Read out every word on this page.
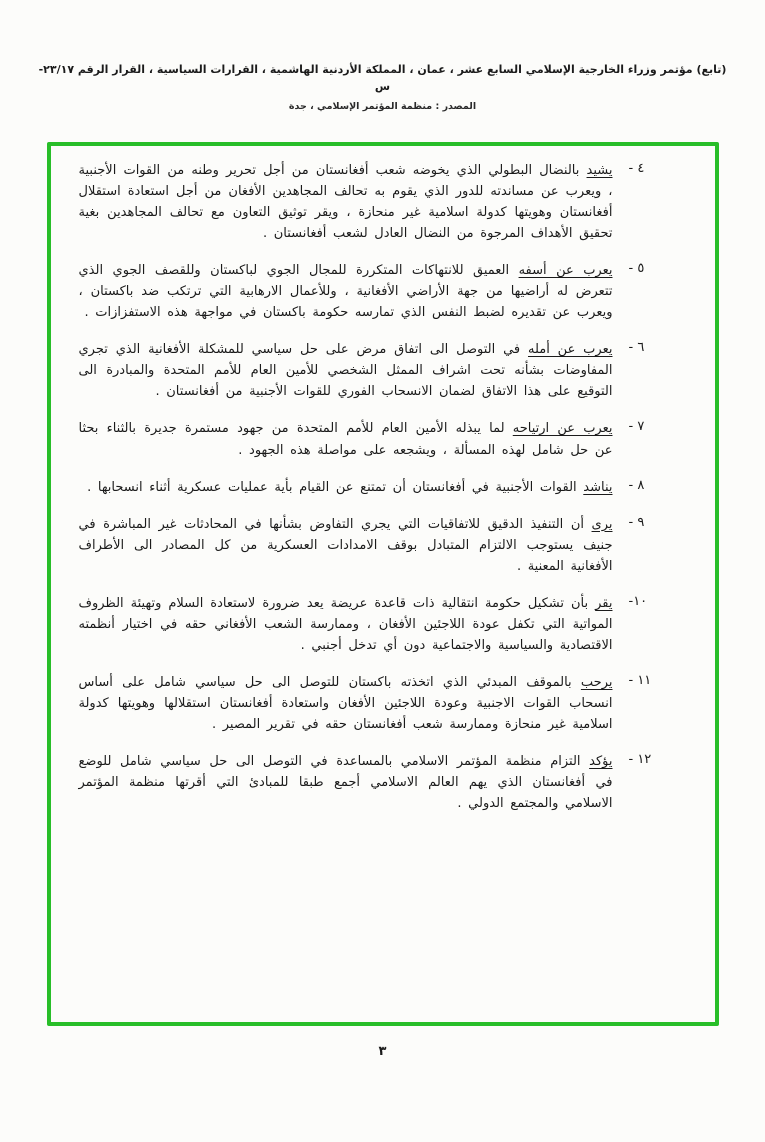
(تابع) مؤتمر وزراء الخارجية الإسلامي السابع عشر ، عمان ، المملكة الأردنية الهاشمية ، القرارات السياسية ، القرار الرقم ٢٣/١٧-س
المصدر : منظمة المؤتمر الإسلامي ، جدة
- ٤

يشيد بالنضال البطولي الذي يخوضه شعب أفغانستان من أجل تحرير وطنه من القوات الأجنبية ، ويعرب عن مساندته للدور الذي يقوم به تحالف المجاهدين الأفغان من أجل استعادة استقلال أفغانستان وهويتها كدولة اسلامية غير منحازة ، ويقر توثيق التعاون مع تحالف المجاهدين بغية تحقيق الأهداف المرجوة من النضال العادل لشعب أفغانستان .

- ٥

يعرب عن أسفه العميق للانتهاكات المتكررة للمجال الجوي لباكستان وللقصف الجوي الذي تتعرض له أراضيها من جهة الأراضي الأفغانية ، وللأعمال الارهابية التي ترتكب ضد باكستان ، ويعرب عن تقديره لضبط النفس الذي تمارسه حكومة باكستان في مواجهة هذه الاستفزازات .

- ٦

يعرب عن أمله في التوصل الى اتفاق مرض على حل سياسي للمشكلة الأفغانية الذي تجري المفاوضات بشأنه تحت اشراف الممثل الشخصي للأمين العام للأمم المتحدة والمبادرة الى التوقيع على هذا الاتفاق لضمان الانسحاب الفوري للقوات الأجنبية من أفغانستان .

- ٧

يعرب عن ارتياحه لما يبذله الأمين العام للأمم المتحدة من جهود مستمرة جديرة بالثناء بحثا عن حل شامل لهذه المسألة ، ويشجعه على مواصلة هذه الجهود .

- ٨

يناشد القوات الأجنبية في أفغانستان أن تمتنع عن القيام بأية عمليات عسكرية أثناء انسحابها .

- ٩

يرى أن التنفيذ الدقيق للاتفاقيات التي يجري التفاوض بشأنها في المحادثات غير المباشرة في جنيف يستوجب الالتزام المتبادل بوقف الامدادات العسكرية من كل المصادر الى الأطراف الأفغانية المعنية .

-١٠

يقر بأن تشكيل حكومة انتقالية ذات قاعدة عريضة يعد ضرورة لاستعادة السلام وتهيئة الظروف المواتية التي تكفل عودة اللاجئين الأفغان ، وممارسة الشعب الأفغاني حقه في اختيار أنظمته الاقتصادية والسياسية والاجتماعية دون أي تدخل أجنبي .

- ١١

يرحب بالموقف المبدئي الذي اتخذته باكستان للتوصل الى حل سياسي شامل على أساس انسحاب القوات الاجنبية وعودة اللاجئين الأفغان واستعادة أفغانستان استقلالها وهويتها كدولة اسلامية غير منحازة وممارسة شعب أفغانستان حقه في تقرير المصير .

- ١٢

يؤكد التزام منظمة المؤتمر الاسلامي بالمساعدة في التوصل الى حل سياسي شامل للوضع في أفغانستان الذي يهم العالم الاسلامي أجمع طبقا للمبادئ التي أقرتها منظمة المؤتمر الاسلامي والمجتمع الدولي .

٣
